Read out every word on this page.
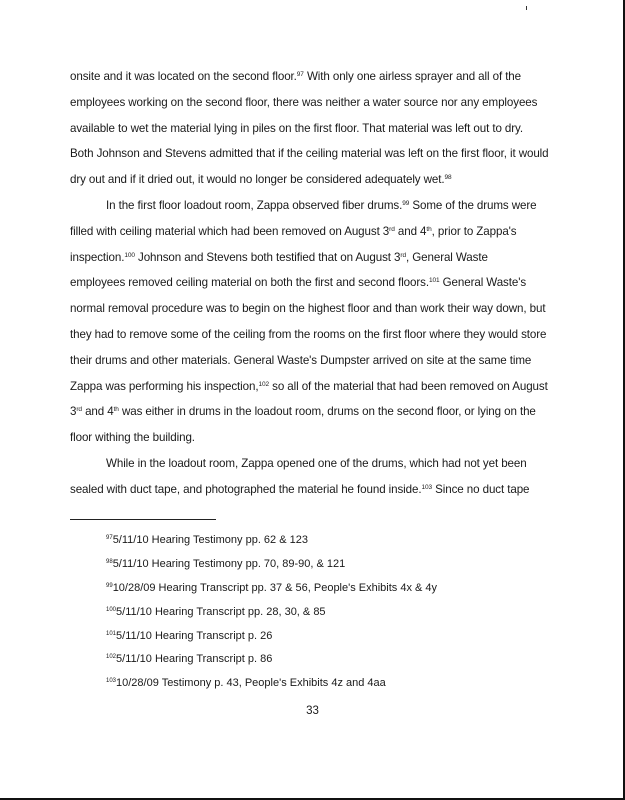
onsite and it was located on the second floor.$^{97}$ With only one airless sprayer and all of the
employees working on the second floor, there was neither a water source nor any employees
available to wet the material lying in piles on the first floor. That material was left out to dry.
Both Johnson and Stevens admitted that if the ceiling material was left on the first floor, it would
dry out and if it dried out, it would no longer be considered adequately wet.$^{98}$
In the first floor loadout room, Zappa observed fiber drums.$^{99}$ Some of the drums were
filled with ceiling material which had been removed on August 3rd and 4th, prior to Zappa's
inspection.$^{100}$ Johnson and Stevens both testified that on August 3rd, General Waste
employees removed ceiling material on both the first and second floors.$^{101}$ General Waste's
normal removal procedure was to begin on the highest floor and than work their way down, but
they had to remove some of the ceiling from the rooms on the first floor where they would store
their drums and other materials. General Waste's Dumpster arrived on site at the same time
Zappa was performing his inspection,$^{102}$ so all of the material that had been removed on August
3rd and 4th was either in drums in the loadout room, drums on the second floor, or lying on the
floor withing the building.
While in the loadout room, Zappa opened one of the drums, which had not yet been
sealed with duct tape, and photographed the material he found inside.$^{103}$ Since no duct tape
$^{97}$5/11/10 Hearing Testimony pp. 62 & 123
$^{98}$5/11/10 Hearing Testimony pp. 70, 89-90, & 121
$^{99}$10/28/09 Hearing Transcript pp. 37 & 56, People's Exhibits 4x & 4y
$^{100}$5/11/10 Hearing Transcript pp. 28, 30, & 85
$^{101}$5/11/10 Hearing Transcript p. 26
$^{102}$5/11/10 Hearing Transcript p. 86
$^{103}$10/28/09 Testimony p. 43, People's Exhibits 4z and 4aa
33
